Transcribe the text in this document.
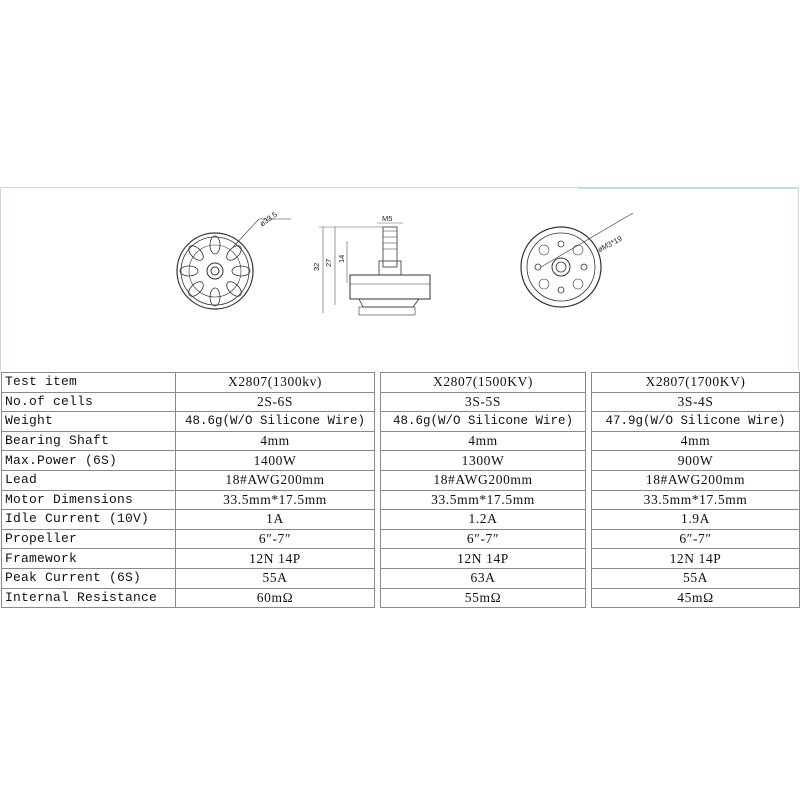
ø33.5	M5
32 27 14
øM3*19
Test item	X2807(1300kv)		X2807(1500KV)		X2807(1700KV)
No.of cells	2S-6S		3S-5S		3S-4S
Weight	48.6g(W/O Silicone Wire)		48.6g(W/O Silicone Wire)		47.9g(W/O Silicone Wire)
Bearing Shaft	4mm		4mm		4mm
Max.Power (6S)	1400W		1300W		900W
Lead	18#AWG200mm		18#AWG200mm		18#AWG200mm
Motor Dimensions	33.5mm*17.5mm		33.5mm*17.5mm		33.5mm*17.5mm
Idle Current (10V)	1A		1.2A		1.9A
Propeller	6″-7″		6″-7″		6″-7″
Framework	12N 14P		12N 14P		12N 14P
Peak Current (6S)	55A		63A		55A
Internal Resistance	60mΩ		55mΩ		45mΩ
